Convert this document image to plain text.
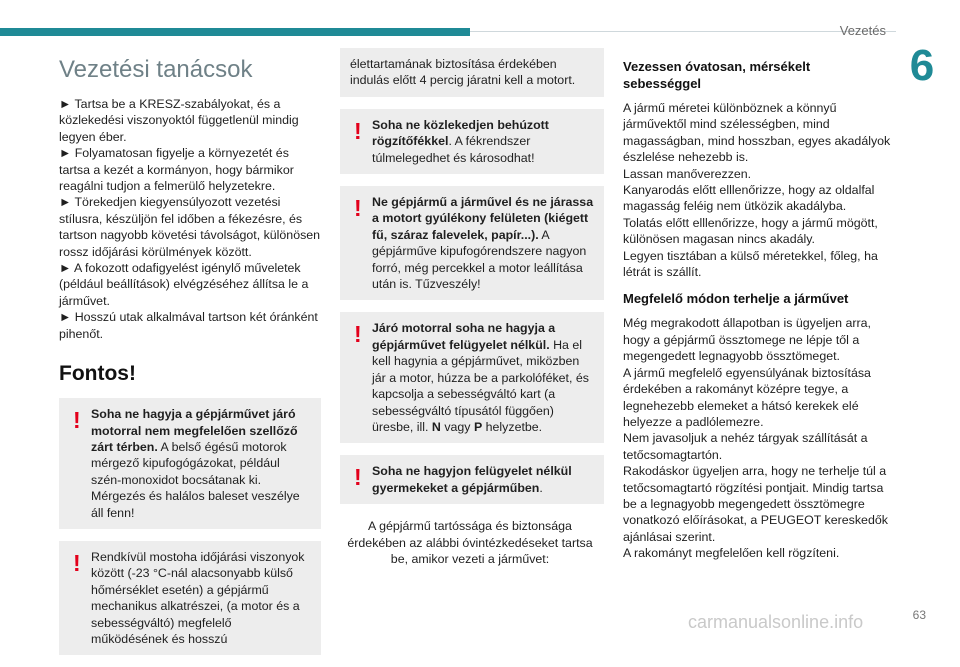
Vezetés
6
63
carmanualsonline.info
Vezetési tanácsok

► Tartsa be a KRESZ-szabályokat, és a közlekedési viszonyoktól függetlenül mindig legyen éber.

► Folyamatosan figyelje a környezetét és tartsa a kezét a kormányon, hogy bármikor reagálni tudjon a felmerülő helyzetekre.

► Törekedjen kiegyensúlyozott vezetési stílusra, készüljön fel időben a fékezésre, és tartson nagyobb követési távolságot, különösen rossz időjárási körülmények között.

► A fokozott odafigyelést igénylő műveletek (például beállítások) elvégzéséhez állítsa le a járművet.

► Hosszú utak alkalmával tartson két óránként pihenőt.

Fontos!
! Soha ne hagyja a gépjárművet járó motorral nem megfelelően szellőző zárt térben. A belső égésű motorok mérgező kipufogógázokat, például szén-monoxidot bocsátanak ki. Mérgezés és halálos baleset veszélye áll fenn!
! Rendkívül mostoha időjárási viszonyok között (-23 °C-nál alacsonyabb külső hőmérséklet esetén) a gépjármű mechanikus alkatrészei, (a motor és a sebességváltó) megfelelő működésének és hosszú
élettartamának biztosítása érdekében indulás előtt 4 percig járatni kell a motort.
! Soha ne közlekedjen behúzott rögzítőfékkel. A fékrendszer túlmelegedhet és károsodhat!
! Ne gépjármű a járművel és ne járassa a motort gyúlékony felületen (kiégett fű, száraz falevelek, papír...). A gépjárműve kipufogórendszere nagyon forró, még percekkel a motor leállítása után is. Tűzveszély!
! Járó motorral soha ne hagyja a gépjárművet felügyelet nélkül. Ha el kell hagynia a gépjárművet, miközben jár a motor, húzza be a parkolóféket, és kapcsolja a sebességváltó kart (a sebességváltó típusától függően) üresbe, ill. N vagy P helyzetbe.
! Soha ne hagyjon felügyelet nélkül gyermekeket a gépjárműben.

A gépjármű tartóssága és biztonsága érdekében az alábbi óvintézkedéseket tartsa be, amikor vezeti a járművet:

Vezessen óvatosan, mérsékelt sebességgel

A jármű méretei különböznek a könnyű járművektől mind szélességben, mind magasságban, mind hosszban, egyes akadályok észlelése nehezebb is.

Lassan manőverezzen.

Kanyarodás előtt elllenőrizze, hogy az oldalfal magasság feléig nem ütközik akadályba.

Tolatás előtt elllenőrizze, hogy a jármű mögött, különösen magasan nincs akadály.

Legyen tisztában a külső méretekkel, főleg, ha létrát is szállít.

Megfelelő módon terhelje a járművet

Még megrakodott állapotban is ügyeljen arra, hogy a gépjármű össztomege ne lépje től a megengedett legnagyobb össztömeget.

A jármű megfelelő egyensúlyának biztosítása érdekében a rakományt középre tegye, a legnehezebb elemeket a hátsó kerekek elé helyezze a padlólemezre.

Nem javasoljuk a nehéz tárgyak szállítását a tetőcsomagtartón.

Rakodáskor ügyeljen arra, hogy ne terhelje túl a tetőcsomagtartó rögzítési pontjait. Mindig tartsa be a legnagyobb megengedett össztömegre vonatkozó előírásokat, a PEUGEOT kereskedők ajánlásai szerint.

A rakományt megfelelően kell rögzíteni.
